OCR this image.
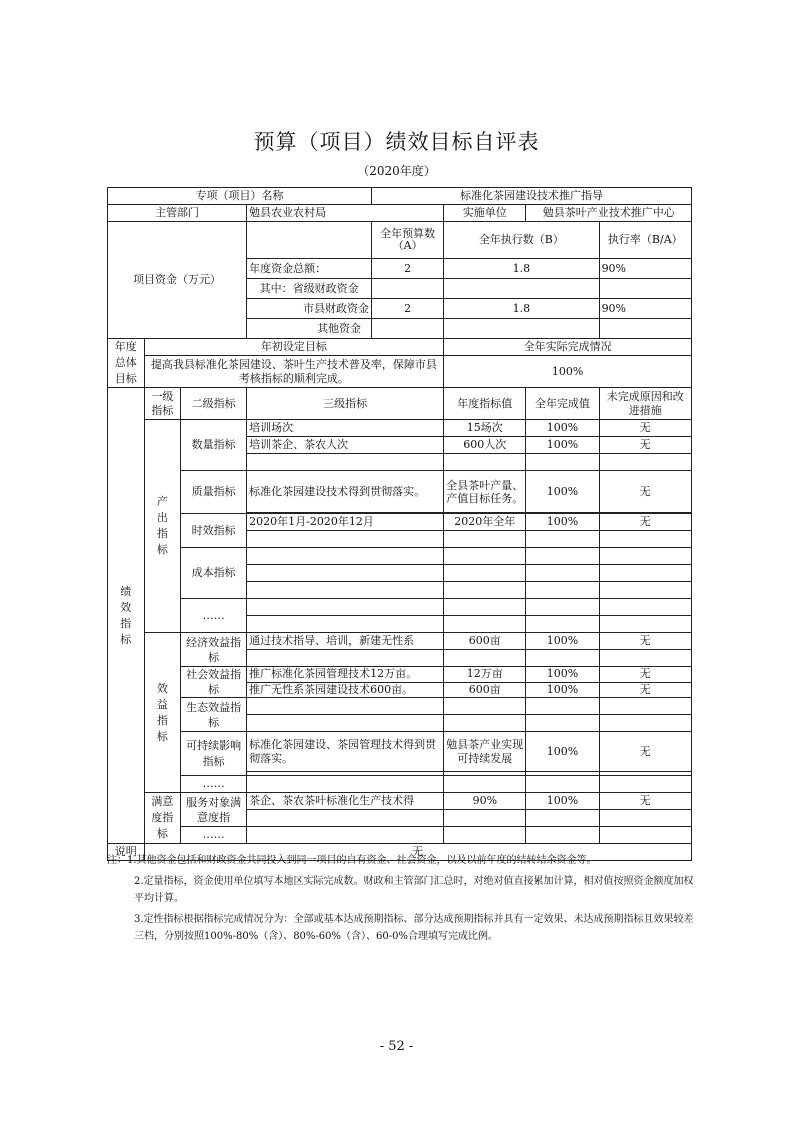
预算（项目）绩效目标自评表
（2020年度）
专项（项目）名称				标准化茶园建设技术推广指导			
主管部门			勉县农业农村局		实施单位	勉县茶叶产业技术推广中心	
项目资金（万元）				全年预算数（A）	全年执行数（B）		执行率（B/A）
			年度资金总额：	2	1.8		90%
			其中：省级财政资金				
			市县财政资金	2	1.8		90%
			其他资金				
年度总体目标	年初设定目标				全年实际完成情况		
	提高我县标准化茶园建设、茶叶生产技术普及率，保障市县考核指标的顺利完成。				100%		
绩效指标	一级指标	二级指标	三级指标		年度指标值	全年完成值	未完成原因和改进措施
	产出指标	数量指标	培训场次		15场次	100%	无
			培训茶企、茶农人次		600人次	100%	无

		质量指标	标准化茶园建设技术得到贯彻落实。		全县茶叶产量、产值目标任务。	100%	无

		时效指标	2020年1月-2020年12月		2020年全年	100%	无

		成本指标					

		……					

	效益指标	经济效益指标	通过技术指导、培训，新建无性系		600亩	100%	无

		社会效益指标	推广标准化茶园管理技术12万亩。		12万亩	100%	无
			推广无性系茶园建设技术600亩。		600亩	100%	无
		生态效益指标					

		可持续影响指标	标准化茶园建设、茶园管理技术得到贯彻落实。		勉县茶产业实现可持续发展	100%	无

		……					
	满意度指标	服务对象满意度指	茶企、茶农茶叶标准化生产技术得		90%	100%	无

		……					
说明	无						

注：1.其他资金包括和财政资金共同投入到同一项目的自有资金、社会资金，以及以前年度的结转结余资金等。

2.定量指标，资金使用单位填写本地区实际完成数。财政和主管部门汇总时，对绝对值直接累加计算，相对值按照资金额度加权平均计算。

3.定性指标根据指标完成情况分为：全部或基本达成预期指标、部分达成预期指标并具有一定效果、未达成预期指标且效果较差三档，分别按照100%-80%（含）、80%-60%（含）、60-0%合理填写完成比例。

- 52 -
